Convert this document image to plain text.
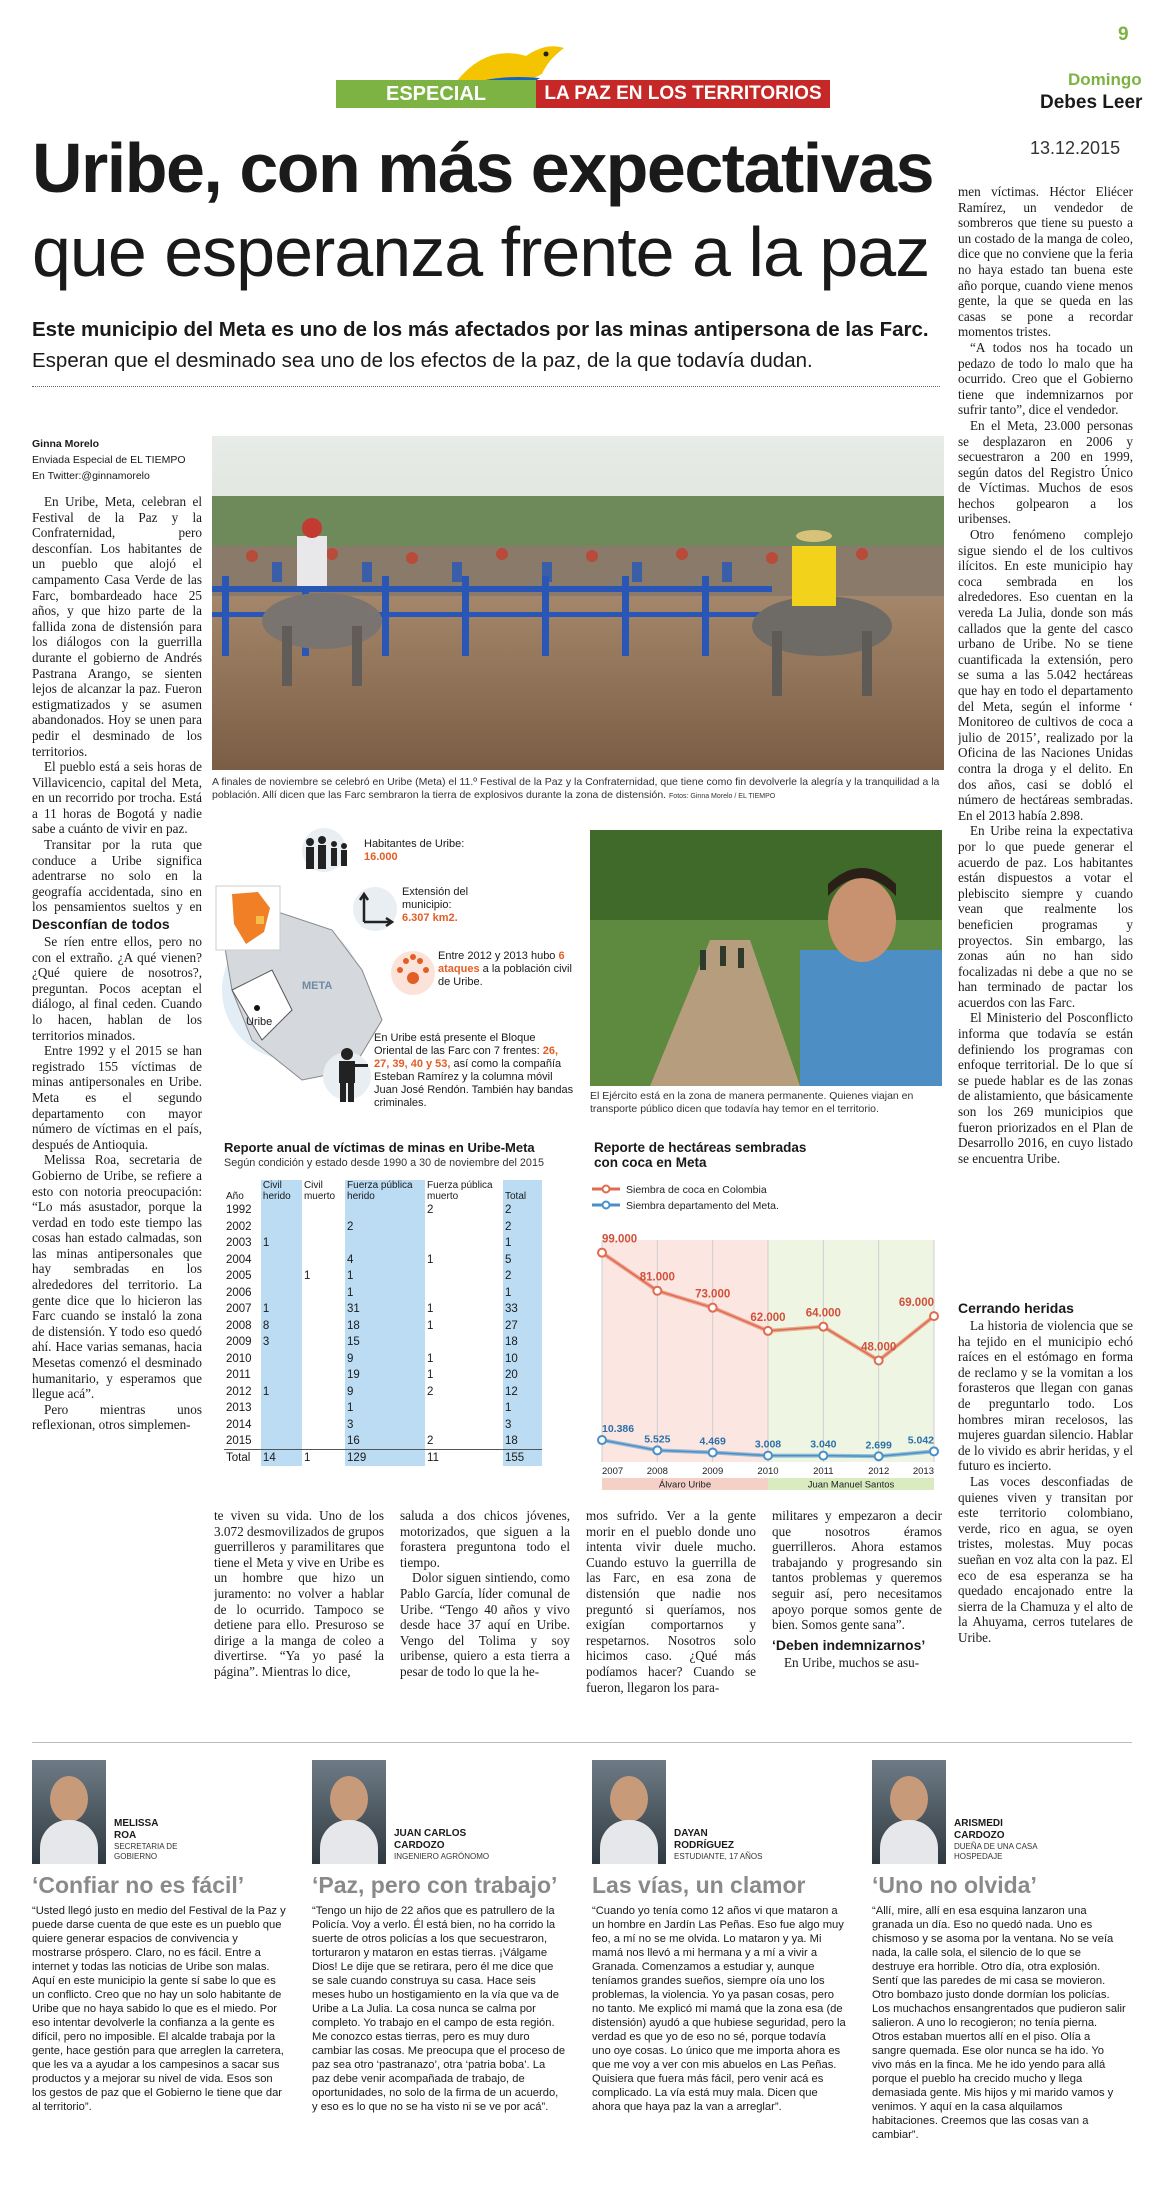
9
Domingo
Debes Leer
13.12.2015
ESPECIAL	LA PAZ EN LOS TERRITORIOS
Uribe, con más expectativas
que esperanza frente a la paz
Este municipio del Meta es uno de los más afectados por las minas antipersona de las Farc. Esperan que el desminado sea uno de los efectos de la paz, de la que todavía dudan.
Ginna Morelo
Enviada Especial de EL TIEMPO
En Twitter:@ginnamorelo

En Uribe, Meta, celebran el Festival de la Paz y la Confraternidad, pero desconfían. Los habitantes de un pueblo que alojó el campamento Casa Verde de las Farc, bombardeado hace 25 años, y que hizo parte de la fallida zona de distensión para los diálogos con la guerrilla durante el gobierno de Andrés Pastrana Arango, se sienten lejos de alcanzar la paz. Fueron estigmatizados y se asumen abandonados. Hoy se unen para pedir el desminado de los territorios.

El pueblo está a seis horas de Villavicencio, capital del Meta, en un recorrido por trocha. Está a 11 horas de Bogotá y nadie sabe a cuánto de vivir en paz.

Transitar por la ruta que conduce a Uribe significa adentrarse no solo en la geografía accidentada, sino en los pensamientos sueltos y en

Desconfían de todos

Se ríen entre ellos, pero no con el extraño. ¿A qué vienen? ¿Qué quiere de nosotros?, preguntan. Pocos aceptan el diálogo, al final ceden. Cuando lo hacen, hablan de los territorios minados.

Entre 1992 y el 2015 se han registrado 155 víctimas de minas antipersonales en Uribe. Meta es el segundo departamento con mayor número de víctimas en el país, después de Antioquia.

Melissa Roa, secretaria de Gobierno de Uribe, se refiere a esto con notoria preocupación: “Lo más asustador, porque la verdad en todo este tiempo las cosas han estado calmadas, son las minas antipersonales que hay sembradas en los alrededores del territorio. La gente dice que lo hicieron las Farc cuando se instaló la zona de distensión. Y todo eso quedó ahí. Hace varias semanas, hacia Mesetas comenzó el desminado humanitario, y esperamos que llegue acá”.

Pero mientras unos reflexionan, otros simplemen-

A finales de noviembre se celebró en Uribe (Meta) el 11.º Festival de la Paz y la Confraternidad, que tiene como fin devolverle la alegría y la tranquilidad a la población. Allí dicen que las Farc sembraron la tierra de explosivos durante la zona de distensión. Fotos: Ginna Morelo / EL TIEMPO
Habitantes de Uribe:
16.000
Extensión del municipio:
6.307 km2.
Entre 2012 y 2013 hubo 6 ataques a la población civil de Uribe.
META
Uribe
En Uribe está presente el Bloque Oriental de las Farc con 7 frentes: 26, 27, 39, 40 y 53, así como la compañía Esteban Ramírez y la columna móvil Juan José Rendón. También hay bandas criminales.
El Ejército está en la zona de manera permanente. Quienes viajan en transporte público dicen que todavía hay temor en el territorio.
Reporte anual de víctimas de minas en Uribe-Meta
Según condición y estado desde 1990 a 30 de noviembre del 2015
Año	Civil herido	Civil muerto	Fuerza pública herido	Fuerza pública muerto	Total
1992				2	2
2002			2		2
2003	1				1
2004			4	1	5
2005		1	1		2
2006			1		1
2007	1		31	1	33
2008	8		18	1	27
2009	3		15		18
2010			9	1	10
2011			19	1	20
2012	1		9	2	12
2013			1		1
2014			3		3
2015			16	2	18
Total	14	1	129	11	155
Reporte de hectáreas sembradas con coca en Meta
Siembra de coca en Colombia
Siembra departamento del Meta.
99.000
81.000
73.000
62.000 64.000
48.000
69.000
10.386
5.525	4.469	3.008	3.040	2.699 5.042
2007 2008	2009	2010	2011	2012 2013
Álvaro Uribe	Juan Manuel Santos

te viven su vida. Uno de los 3.072 desmovilizados de grupos guerrilleros y paramilitares que tiene el Meta y vive en Uribe es un hombre que hizo un juramento: no volver a hablar de lo ocurrido. Tampoco se detiene para ello. Presuroso se dirige a la manga de coleo a divertirse. “Ya yo pasé la página”. Mientras lo dice,

saluda a dos chicos jóvenes, motorizados, que siguen a la forastera preguntona todo el tiempo.

Dolor siguen sintiendo, como Pablo García, líder comunal de Uribe. “Tengo 40 años y vivo desde hace 37 aquí en Uribe. Vengo del Tolima y soy uribense, quiero a esta tierra a pesar de todo lo que la he-

mos sufrido. Ver a la gente morir en el pueblo donde uno intenta vivir duele mucho. Cuando estuvo la guerrilla de las Farc, en esa zona de distensión que nadie nos preguntó si queríamos, nos exigían comportarnos y respetarnos. Nosotros solo hicimos caso. ¿Qué más podíamos hacer? Cuando se fueron, llegaron los para-

militares y empezaron a decir que nosotros éramos guerrilleros. Ahora estamos trabajando y progresando sin tantos problemas y queremos seguir así, pero necesitamos apoyo porque somos gente de bien. Somos gente sana”.

‘Deben indemnizarnos’

En Uribe, muchos se asu-

men víctimas. Héctor Eliécer Ramírez, un vendedor de sombreros que tiene su puesto a un costado de la manga de coleo, dice que no conviene que la feria no haya estado tan buena este año porque, cuando viene menos gente, la que se queda en las casas se pone a recordar momentos tristes.

“A todos nos ha tocado un pedazo de todo lo malo que ha ocurrido. Creo que el Gobierno tiene que indemnizarnos por sufrir tanto”, dice el vendedor.

En el Meta, 23.000 personas se desplazaron en 2006 y secuestraron a 200 en 1999, según datos del Registro Único de Víctimas. Muchos de esos hechos golpearon a los uribenses.

Otro fenómeno complejo sigue siendo el de los cultivos ilícitos. En este municipio hay coca sembrada en los alrededores. Eso cuentan en la vereda La Julia, donde son más callados que la gente del casco urbano de Uribe. No se tiene cuantificada la extensión, pero se suma a las 5.042 hectáreas que hay en todo el departamento del Meta, según el informe ‘ Monitoreo de cultivos de coca a julio de 2015’, realizado por la Oficina de las Naciones Unidas contra la droga y el delito. En dos años, casi se dobló el número de hectáreas sembradas. En el 2013 había 2.898.

En Uribe reina la expectativa por lo que puede generar el acuerdo de paz. Los habitantes están dispuestos a votar el plebiscito siempre y cuando vean que realmente los beneficien programas y proyectos. Sin embargo, las zonas aún no han sido focalizadas ni debe a que no se han terminado de pactar los acuerdos con las Farc.

El Ministerio del Posconflicto informa que todavía se están definiendo los programas con enfoque territorial. De lo que sí se puede hablar es de las zonas de alistamiento, que básicamente son los 269 municipios que fueron priorizados en el Plan de Desarrollo 2016, en cuyo listado se encuentra Uribe.

Cerrando heridas

La historia de violencia que se ha tejido en el municipio echó raíces en el estómago en forma de reclamo y se la vomitan a los forasteros que llegan con ganas de preguntarlo todo. Los hombres miran recelosos, las mujeres guardan silencio. Hablar de lo vivido es abrir heridas, y el futuro es incierto.

Las voces desconfiadas de quienes viven y transitan por este territorio colombiano, verde, rico en agua, se oyen tristes, molestas. Muy pocas sueñan en voz alta con la paz. El eco de esa esperanza se ha quedado encajonado entre la sierra de la Chamuza y el alto de la Ahuyama, cerros tutelares de Uribe.

MELISSA
ROA
SECRETARIA DE GOBIERNO
‘Confiar no es fácil’
“Usted llegó justo en medio del Festival de la Paz y puede darse cuenta de que este es un pueblo que quiere generar espacios de convivencia y mostrarse próspero. Claro, no es fácil. Entre a internet y todas las noticias de Uribe son malas. Aquí en este municipio la gente sí sabe lo que es un conflicto. Creo que no hay un solo habitante de Uribe que no haya sabido lo que es el miedo. Por eso intentar devolverle la confianza a la gente es difícil, pero no imposible. El alcalde trabaja por la gente, hace gestión para que arreglen la carretera, que les va a ayudar a los campesinos a sacar sus productos y a mejorar su nivel de vida. Esos son los gestos de paz que el Gobierno le tiene que dar al territorio”.
JUAN CARLOS
CARDOZO
INGENIERO AGRÓNOMO
‘Paz, pero con trabajo’
“Tengo un hijo de 22 años que es patrullero de la Policía. Voy a verlo. Él está bien, no ha corrido la suerte de otros policías a los que secuestraron, torturaron y mataron en estas tierras. ¡Válgame Dios! Le dije que se retirara, pero él me dice que se sale cuando construya su casa. Hace seis meses hubo un hostigamiento en la vía que va de Uribe a La Julia. La cosa nunca se calma por completo. Yo trabajo en el campo de esta región. Me conozco estas tierras, pero es muy duro cambiar las cosas. Me preocupa que el proceso de paz sea otro ‘pastranazo’, otra ‘patria boba’. La paz debe venir acompañada de trabajo, de oportunidades, no solo de la firma de un acuerdo, y eso es lo que no se ha visto ni se ve por acá”.
DAYAN
RODRÍGUEZ
ESTUDIANTE, 17 AÑOS
Las vías, un clamor
“Cuando yo tenía como 12 años vi que mataron a un hombre en Jardín Las Peñas. Eso fue algo muy feo, a mí no se me olvida. Lo mataron y ya. Mi mamá nos llevó a mi hermana y a mí a vivir a Granada. Comenzamos a estudiar y, aunque teníamos grandes sueños, siempre oía uno los problemas, la violencia. Yo ya pasan cosas, pero no tanto. Me explicó mi mamá que la zona esa (de distensión) ayudó a que hubiese seguridad, pero la verdad es que yo de eso no sé, porque todavía uno oye cosas. Lo único que me importa ahora es que me voy a ver con mis abuelos en Las Peñas. Quisiera que fuera más fácil, pero venir acá es complicado. La vía está muy mala. Dicen que ahora que haya paz la van a arreglar”.
ARISMEDI
CARDOZO
DUEÑA DE UNA CASA HOSPEDAJE
‘Uno no olvida’
“Allí, mire, allí en esa esquina lanzaron una granada un día. Eso no quedó nada. Uno es chismoso y se asoma por la ventana. No se veía nada, la calle sola, el silencio de lo que se destruye era horrible. Otro día, otra explosión. Sentí que las paredes de mi casa se movieron. Otro bombazo justo donde dormían los policías. Los muchachos ensangrentados que pudieron salir salieron. A uno lo recogieron; no tenía pierna. Otros estaban muertos allí en el piso. Olía a sangre quemada. Ese olor nunca se ha ido. Yo vivo más en la finca. Me he ido yendo para allá porque el pueblo ha crecido mucho y llega demasiada gente. Mis hijos y mi marido vamos y venimos. Y aquí en la casa alquilamos habitaciones. Creemos que las cosas van a cambiar”.
